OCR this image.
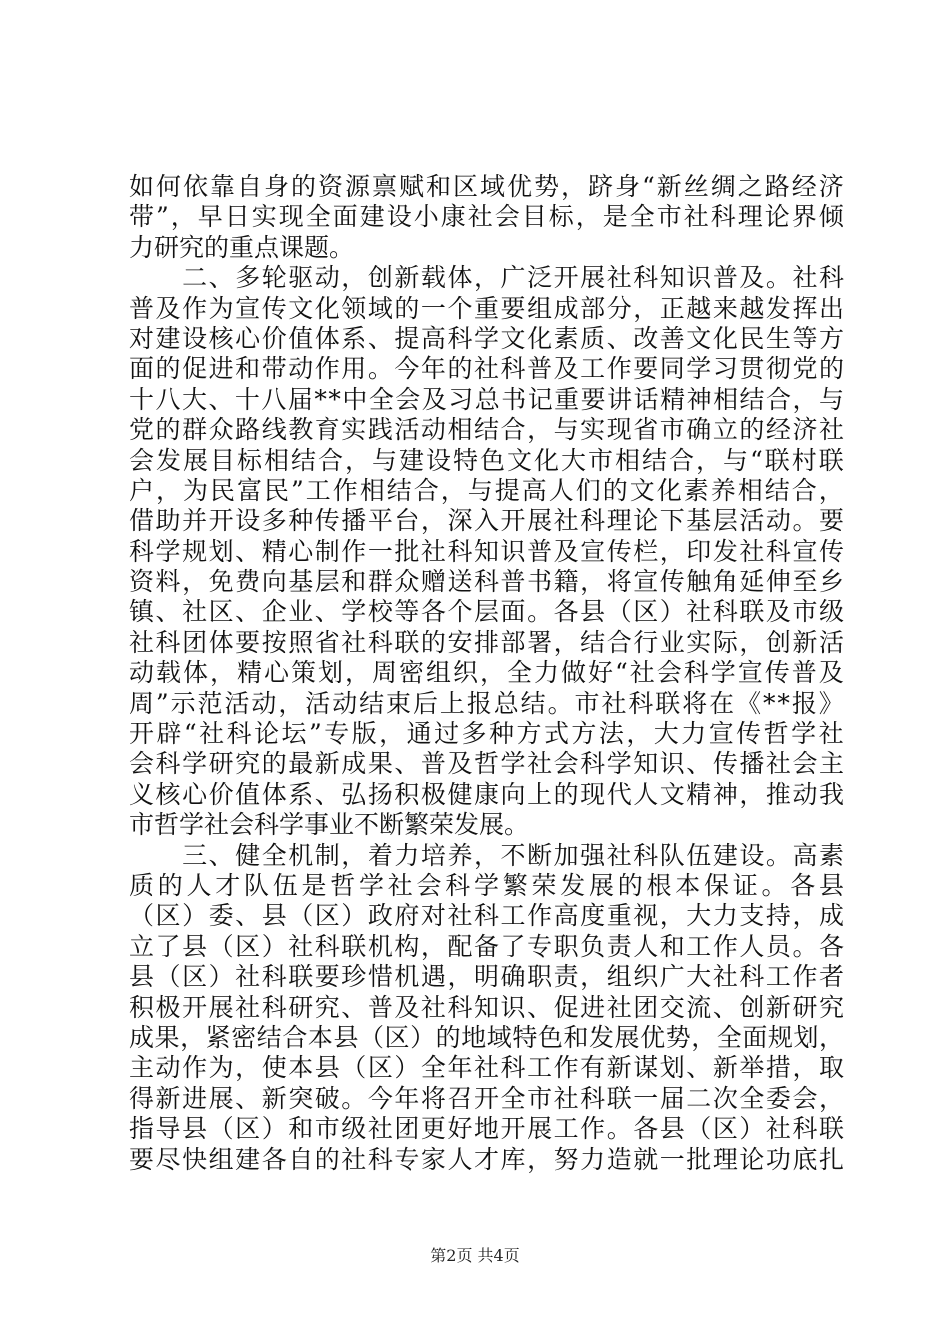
如何依靠自身的资源禀赋和区域优势，跻身“新丝绸之路经济
带”，早日实现全面建设小康社会目标，是全市社科理论界倾
力研究的重点课题。
　　二、多轮驱动，创新载体，广泛开展社科知识普及。社科
普及作为宣传文化领域的一个重要组成部分，正越来越发挥出
对建设核心价值体系、提高科学文化素质、改善文化民生等方
面的促进和带动作用。今年的社科普及工作要同学习贯彻党的
十八大、十八届**中全会及习总书记重要讲话精神相结合，与
党的群众路线教育实践活动相结合，与实现省市确立的经济社
会发展目标相结合，与建设特色文化大市相结合，与“联村联
户，为民富民”工作相结合，与提高人们的文化素养相结合，
借助并开设多种传播平台，深入开展社科理论下基层活动。要
科学规划、精心制作一批社科知识普及宣传栏，印发社科宣传
资料，免费向基层和群众赠送科普书籍，将宣传触角延伸至乡
镇、社区、企业、学校等各个层面。各县（区）社科联及市级
社科团体要按照省社科联的安排部署，结合行业实际，创新活
动载体，精心策划，周密组织，全力做好“社会科学宣传普及
周”示范活动，活动结束后上报总结。市社科联将在《**报》
开辟“社科论坛”专版，通过多种方式方法，大力宣传哲学社
会科学研究的最新成果、普及哲学社会科学知识、传播社会主
义核心价值体系、弘扬积极健康向上的现代人文精神，推动我
市哲学社会科学事业不断繁荣发展。
　　三、健全机制，着力培养，不断加强社科队伍建设。高素
质的人才队伍是哲学社会科学繁荣发展的根本保证。各县
（区）委、县（区）政府对社科工作高度重视，大力支持，成
立了县（区）社科联机构，配备了专职负责人和工作人员。各
县（区）社科联要珍惜机遇，明确职责，组织广大社科工作者
积极开展社科研究、普及社科知识、促进社团交流、创新研究
成果，紧密结合本县（区）的地域特色和发展优势，全面规划，
主动作为，使本县（区）全年社科工作有新谋划、新举措，取
得新进展、新突破。今年将召开全市社科联一届二次全委会，
指导县（区）和市级社团更好地开展工作。各县（区）社科联
要尽快组建各自的社科专家人才库，努力造就一批理论功底扎
第2页 共4页
